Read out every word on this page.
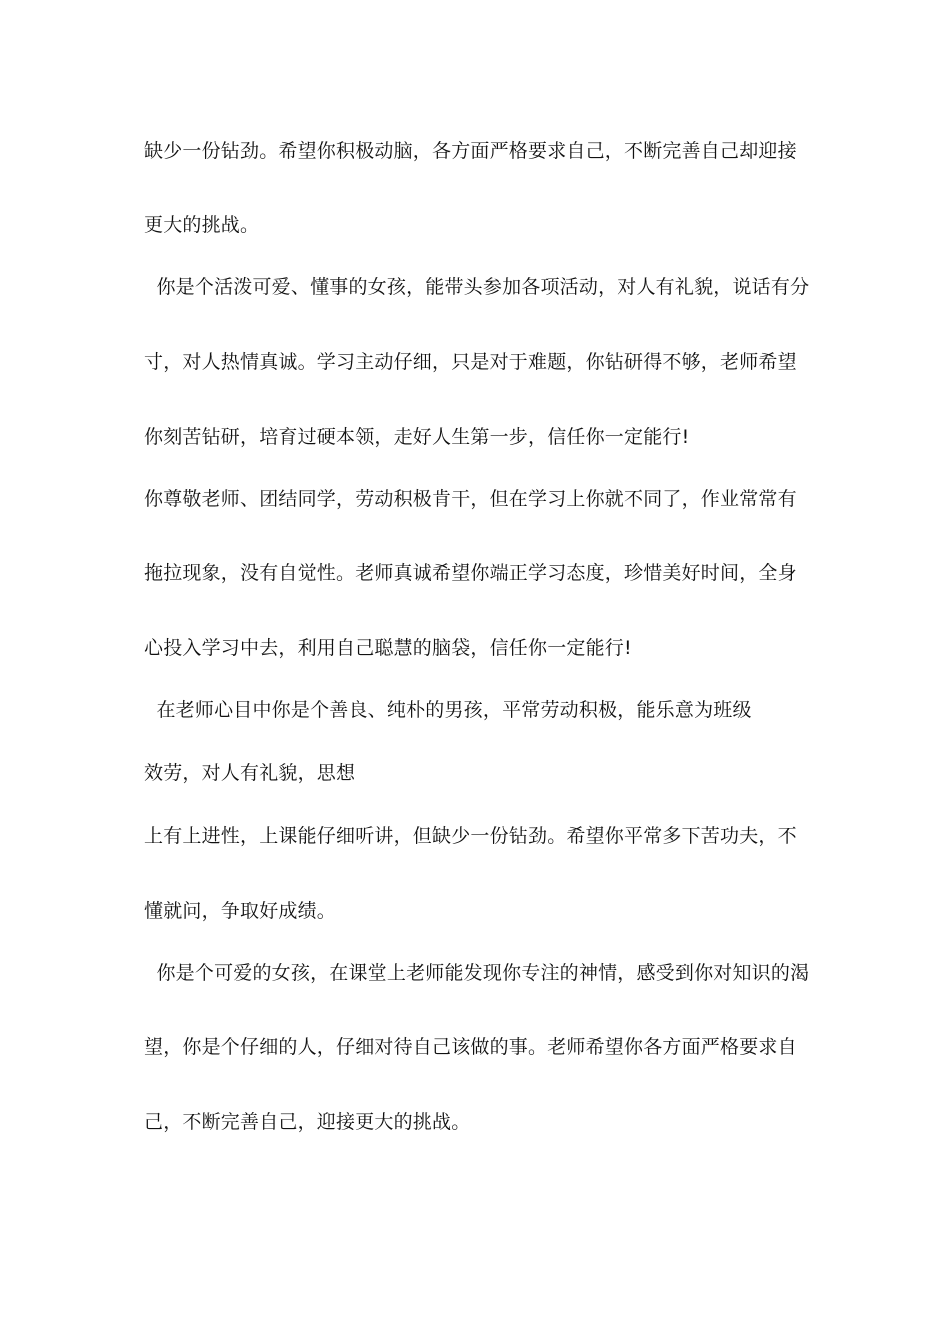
缺少一份钻劲。希望你积极动脑，各方面严格要求自己，不断完善自己却迎接
更大的挑战。
你是个活泼可爱、懂事的女孩，能带头参加各项活动，对人有礼貌，说话有分
寸，对人热情真诚。学习主动仔细，只是对于难题，你钻研得不够，老师希望
你刻苦钻研，培育过硬本领，走好人生第一步，信任你一定能行!
你尊敬老师、团结同学，劳动积极肯干，但在学习上你就不同了，作业常常有
拖拉现象，没有自觉性。老师真诚希望你端正学习态度，珍惜美好时间，全身
心投入学习中去，利用自己聪慧的脑袋，信任你一定能行!
在老师心目中你是个善良、纯朴的男孩，平常劳动积极，能乐意为班级
效劳，对人有礼貌，思想
上有上进性，上课能仔细听讲，但缺少一份钻劲。希望你平常多下苦功夫，不
懂就问，争取好成绩。
你是个可爱的女孩，在课堂上老师能发现你专注的神情，感受到你对知识的渴
望，你是个仔细的人，仔细对待自己该做的事。老师希望你各方面严格要求自
己，不断完善自己，迎接更大的挑战。
